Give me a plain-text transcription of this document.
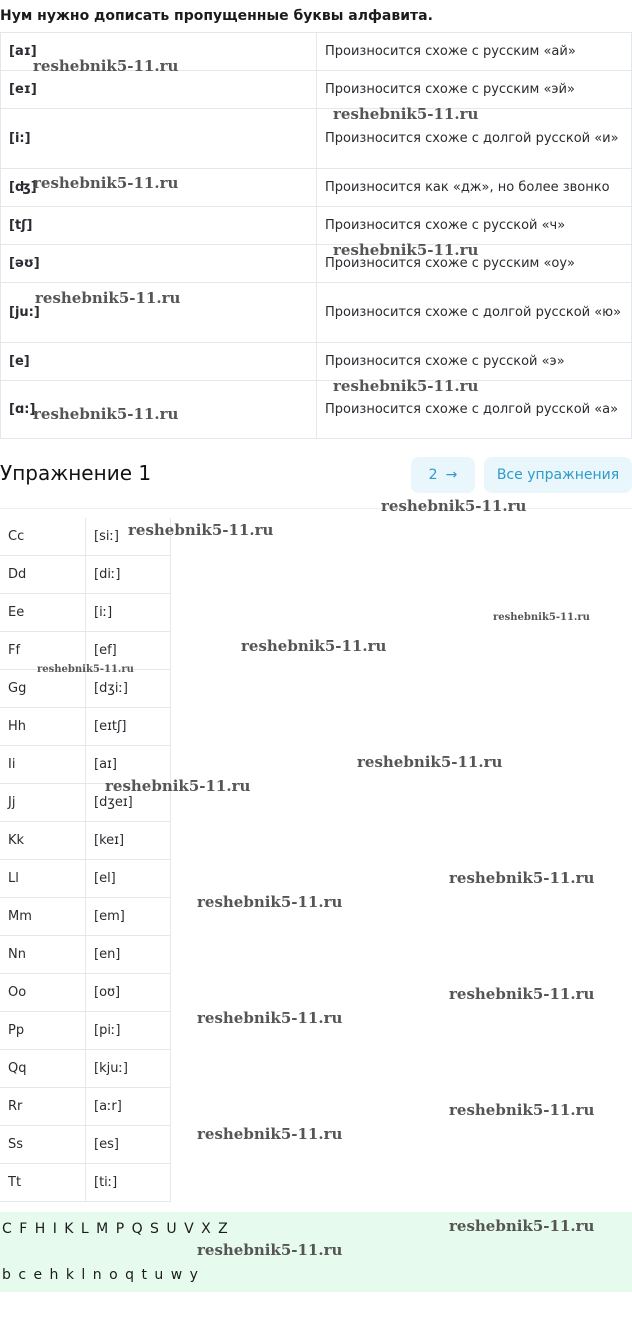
Нум нужно дописать пропущенные буквы алфавита.
[aɪ]	Произносится схоже с русским «ай»
[eɪ]	Произносится схоже с русским «эй»
[i:]	Произносится схоже с долгой русской «и»
[ʤ]	Произносится как «дж», но более звонко
[tʃ]	Произносится схоже с русской «ч»
[əʊ]	Произносится схоже с русским «оу»
[ju:]	Произносится схоже с долгой русской «ю»
[e]	Произносится схоже с русской «э»
[ɑ:]	Произносится схоже с долгой русской «а»
Упражнение 1	2 →	Все упражнения
Cc	[siː]
Dd	[diː]
Ee	[iː]
Ff	[ef]
Gg	[dʒiː]
Hh	[eɪtʃ]
Ii	[aɪ]
Jj	[dʒeɪ]
Kk	[keɪ]
Ll	[el]
Mm	[em]
Nn	[en]
Oo	[oʊ]
Pp	[piː]
Qq	[kjuː]
Rr	[aːr]
Ss	[es]
Tt	[tiː]
C F H I K L M P Q S U V X Z
b c e h k l n o q t u w y
reshebnik5-11.ru
reshebnik5-11.ru
reshebnik5-11.ru
reshebnik5-11.ru
reshebnik5-11.ru
reshebnik5-11.ru
reshebnik5-11.ru
reshebnik5-11.ru
reshebnik5-11.ru
reshebnik5-11.ru
reshebnik5-11.ru
reshebnik5-11.ru
reshebnik5-11.ru
reshebnik5-11.ru
reshebnik5-11.ru
reshebnik5-11.ru
reshebnik5-11.ru
reshebnik5-11.ru
reshebnik5-11.ru
reshebnik5-11.ru
reshebnik5-11.ru
reshebnik5-11.ru
